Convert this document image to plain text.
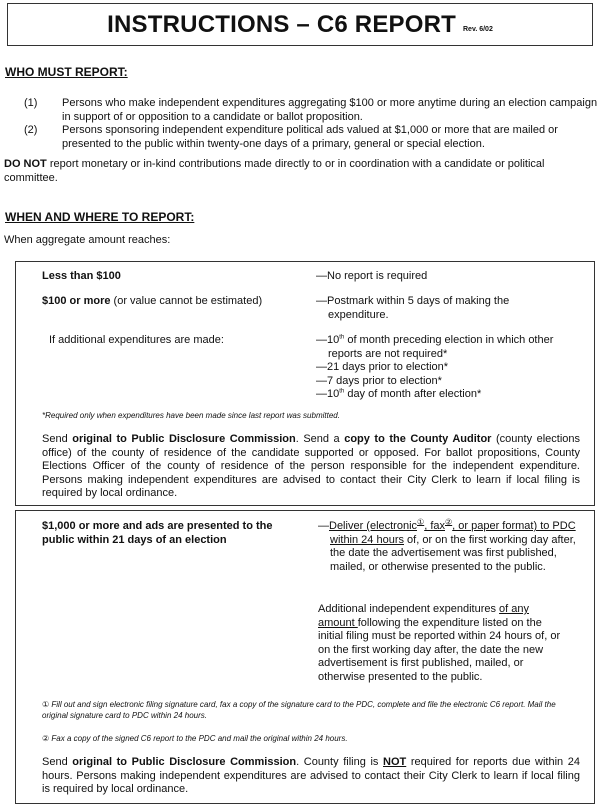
INSTRUCTIONS – C6 REPORT Rev. 6/02
WHO MUST REPORT:
(1)	Persons who make independent expenditures aggregating $100 or more anytime during an election campaign in support of or opposition to a candidate or ballot proposition.
(2)	Persons sponsoring independent expenditure political ads valued at $1,000 or more that are mailed or presented to the public within twenty-one days of a primary, general or special election.
DO NOT report monetary or in-kind contributions made directly to or in coordination with a candidate or political committee.
WHEN AND WHERE TO REPORT:
When aggregate amount reaches:
Less than $100	—No report is required
$100 or more (or value cannot be estimated)	—Postmark within 5 days of making the expenditure.
If additional expenditures are made:	—10th of month preceding election in which other reports are not required*
—21 days prior to election*
—7 days prior to election*
—10th day of month after election*
*Required only when expenditures have been made since last report was submitted.
Send original to Public Disclosure Commission. Send a copy to the County Auditor (county elections office) of the county of residence of the candidate supported or opposed. For ballot propositions, County Elections Officer of the county of residence of the person responsible for the independent expenditure. Persons making independent expenditures are advised to contact their City Clerk to learn if local filing is required by local ordinance.
$1,000 or more and ads are presented to the public within 21 days of an election
—Deliver (electronic①, fax②, or paper format) to PDC within 24 hours of, or on the first working day after, the date the advertisement was first published, mailed, or otherwise presented to the public.
Additional independent expenditures of any amount following the expenditure listed on the initial filing must be reported within 24 hours of, or on the first working day after, the date the new advertisement is first published, mailed, or otherwise presented to the public.
① Fill out and sign electronic filing signature card, fax a copy of the signature card to the PDC, complete and file the electronic C6 report. Mail the original signature card to PDC within 24 hours.
② Fax a copy of the signed C6 report to the PDC and mail the original within 24 hours.
Send original to Public Disclosure Commission. County filing is NOT required for reports due within 24 hours. Persons making independent expenditures are advised to contact their City Clerk to learn if local filing is required by local ordinance.
